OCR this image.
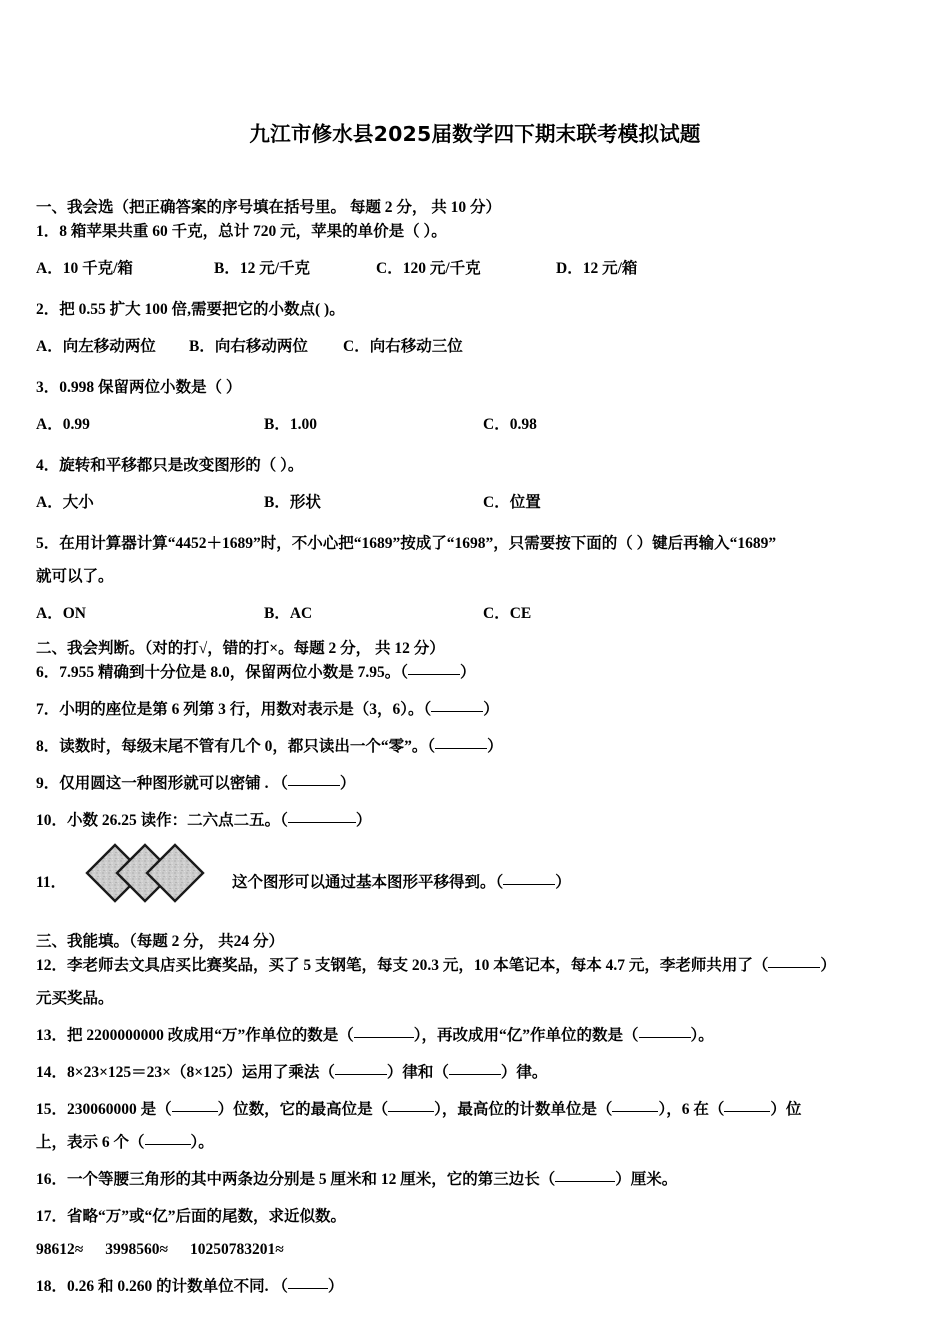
九江市修水县2025届数学四下期末联考模拟试题

一、我会选（把正确答案的序号填在括号里。 每题 2 分， 共 10 分）

1．8 箱苹果共重 60 千克，总计 720 元，苹果的单价是（ ）。

A．10 千克/箱	B．12 元/千克	C．120 元/千克	D．12 元/箱

2．把 0.55 扩大 100 倍,需要把它的小数点( )。

A．向左移动两位 B．向右移动两位 C．向右移动三位

3．0.998 保留两位小数是（ ）

A．0.99	B．1.00	C．0.98

4．旋转和平移都只是改变图形的（ ）。

A．大小	B．形状	C．位置

5．在用计算器计算“4452＋1689”时，不小心把“1689”按成了“1698”，只需要按下面的（ ）键后再输入“1689”

就可以了。

A．ON	B．AC	C．CE

二、我会判断。（对的打√，错的打×。每题 2 分， 共 12 分）

6．7.955 精确到十分位是 8.0，保留两位小数是 7.95。（	）

7．小明的座位是第 6 列第 3 行，用数对表示是（3，6）。（	）

8．读数时，每级末尾不管有几个 0，都只读出一个“零”。（	）

9．仅用圆这一种图形就可以密铺 . （	）

10．小数 26.25 读作：二六点二五。（	）

11．	这个图形可以通过基本图形平移得到。（	）

三、我能填。（每题 2 分， 共24 分）

12．李老师去文具店买比赛奖品，买了 5 支钢笔，每支 20.3 元，10 本笔记本，每本 4.7 元，李老师共用了（	）

元买奖品。

13．把 2200000000 改成用“万”作单位的数是（	），再改成用“亿”作单位的数是（	）。

14．8×23×125＝23×（8×125）运用了乘法（	）律和（	）律。

15．230060000 是（	）位数，它的最高位是（	），最高位的计数单位是（	），6 在（	）位

上，表示 6 个（	）。

16．一个等腰三角形的其中两条边分别是 5 厘米和 12 厘米，它的第三边长（	）厘米。

17．省略“万”或“亿”后面的尾数，求近似数。

98612≈ 3998560≈ 10250783201≈

18．0.26 和 0.260 的计数单位不同. （	）
